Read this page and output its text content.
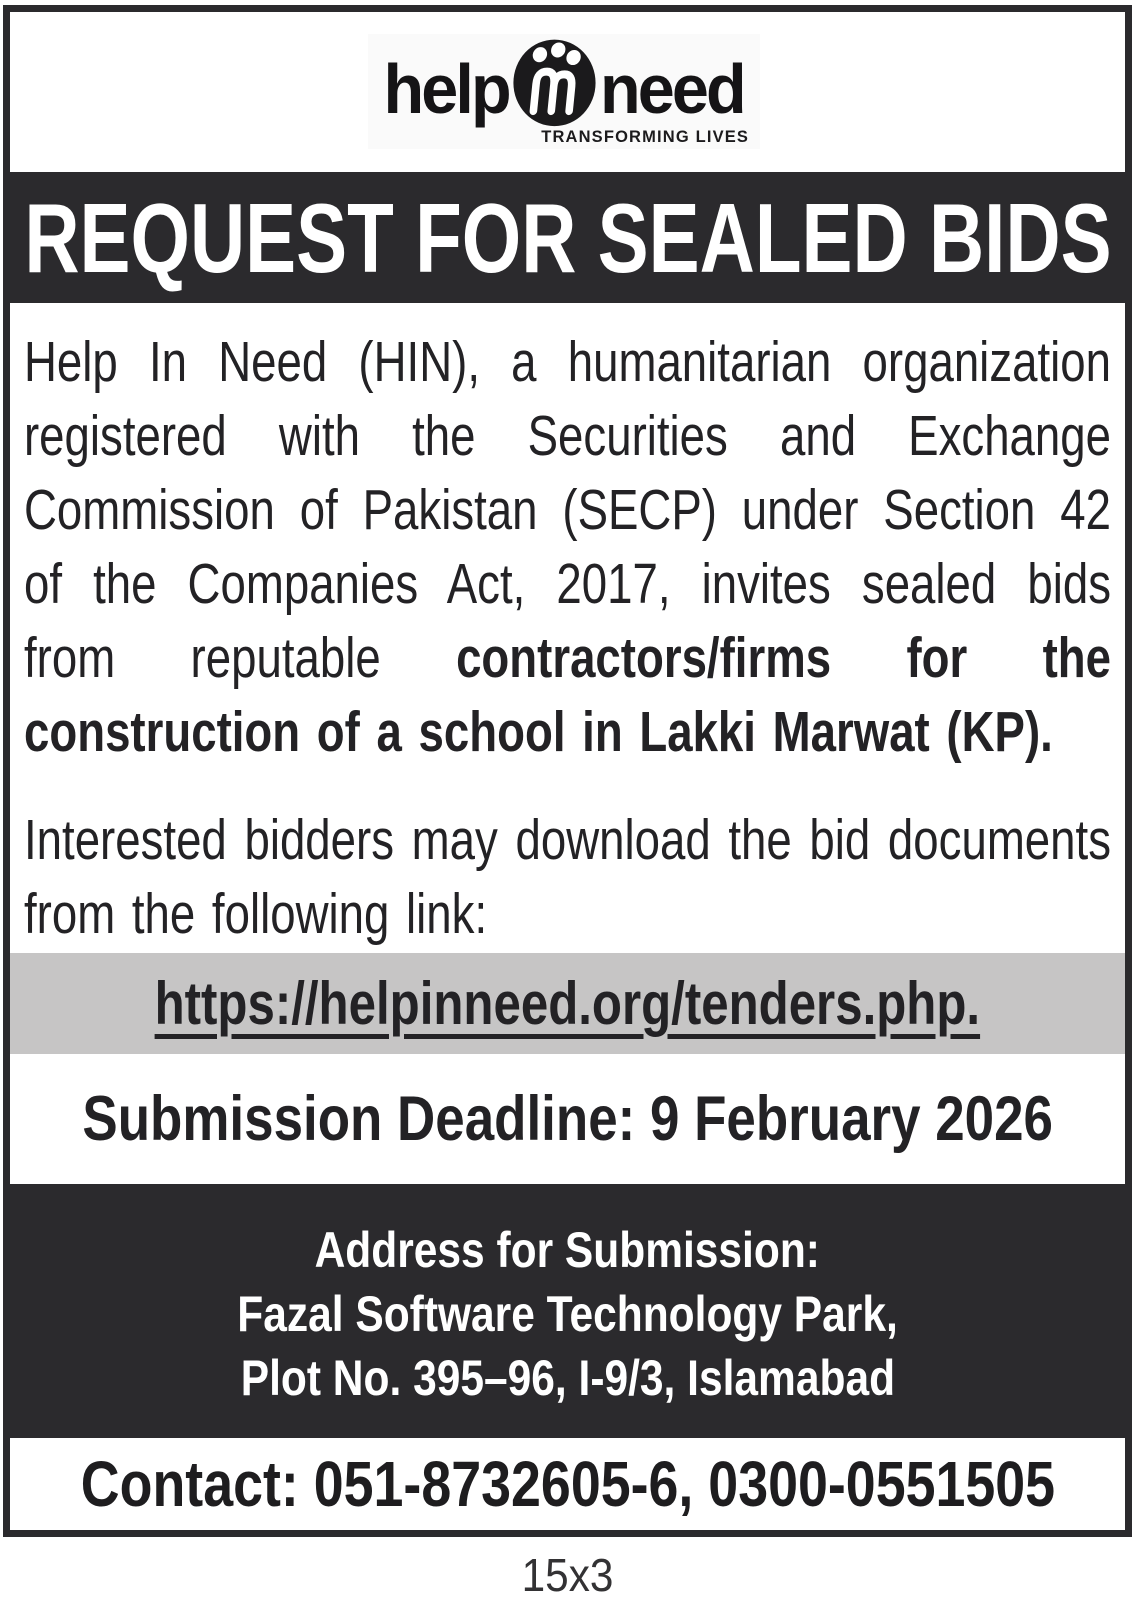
help need
TRANSFORMING LIVES
REQUEST FOR SEALED BIDS

Help In Need (HIN), a humanitarian organization registered with the Securities and Exchange Commission of Pakistan (SECP) under Section 42 of the Companies Act, 2017, invites sealed bids from reputable contractors/firms for the construction of a school in Lakki Marwat (KP).

Interested bidders may download the bid documents from the following link:

https://helpinneed.org/tenders.php.
Submission Deadline: 9 February 2026
Address for Submission:
Fazal Software Technology Park,
Plot No. 395–96, I-9/3, Islamabad
Contact: 051-8732605-6, 0300-0551505
15x3
